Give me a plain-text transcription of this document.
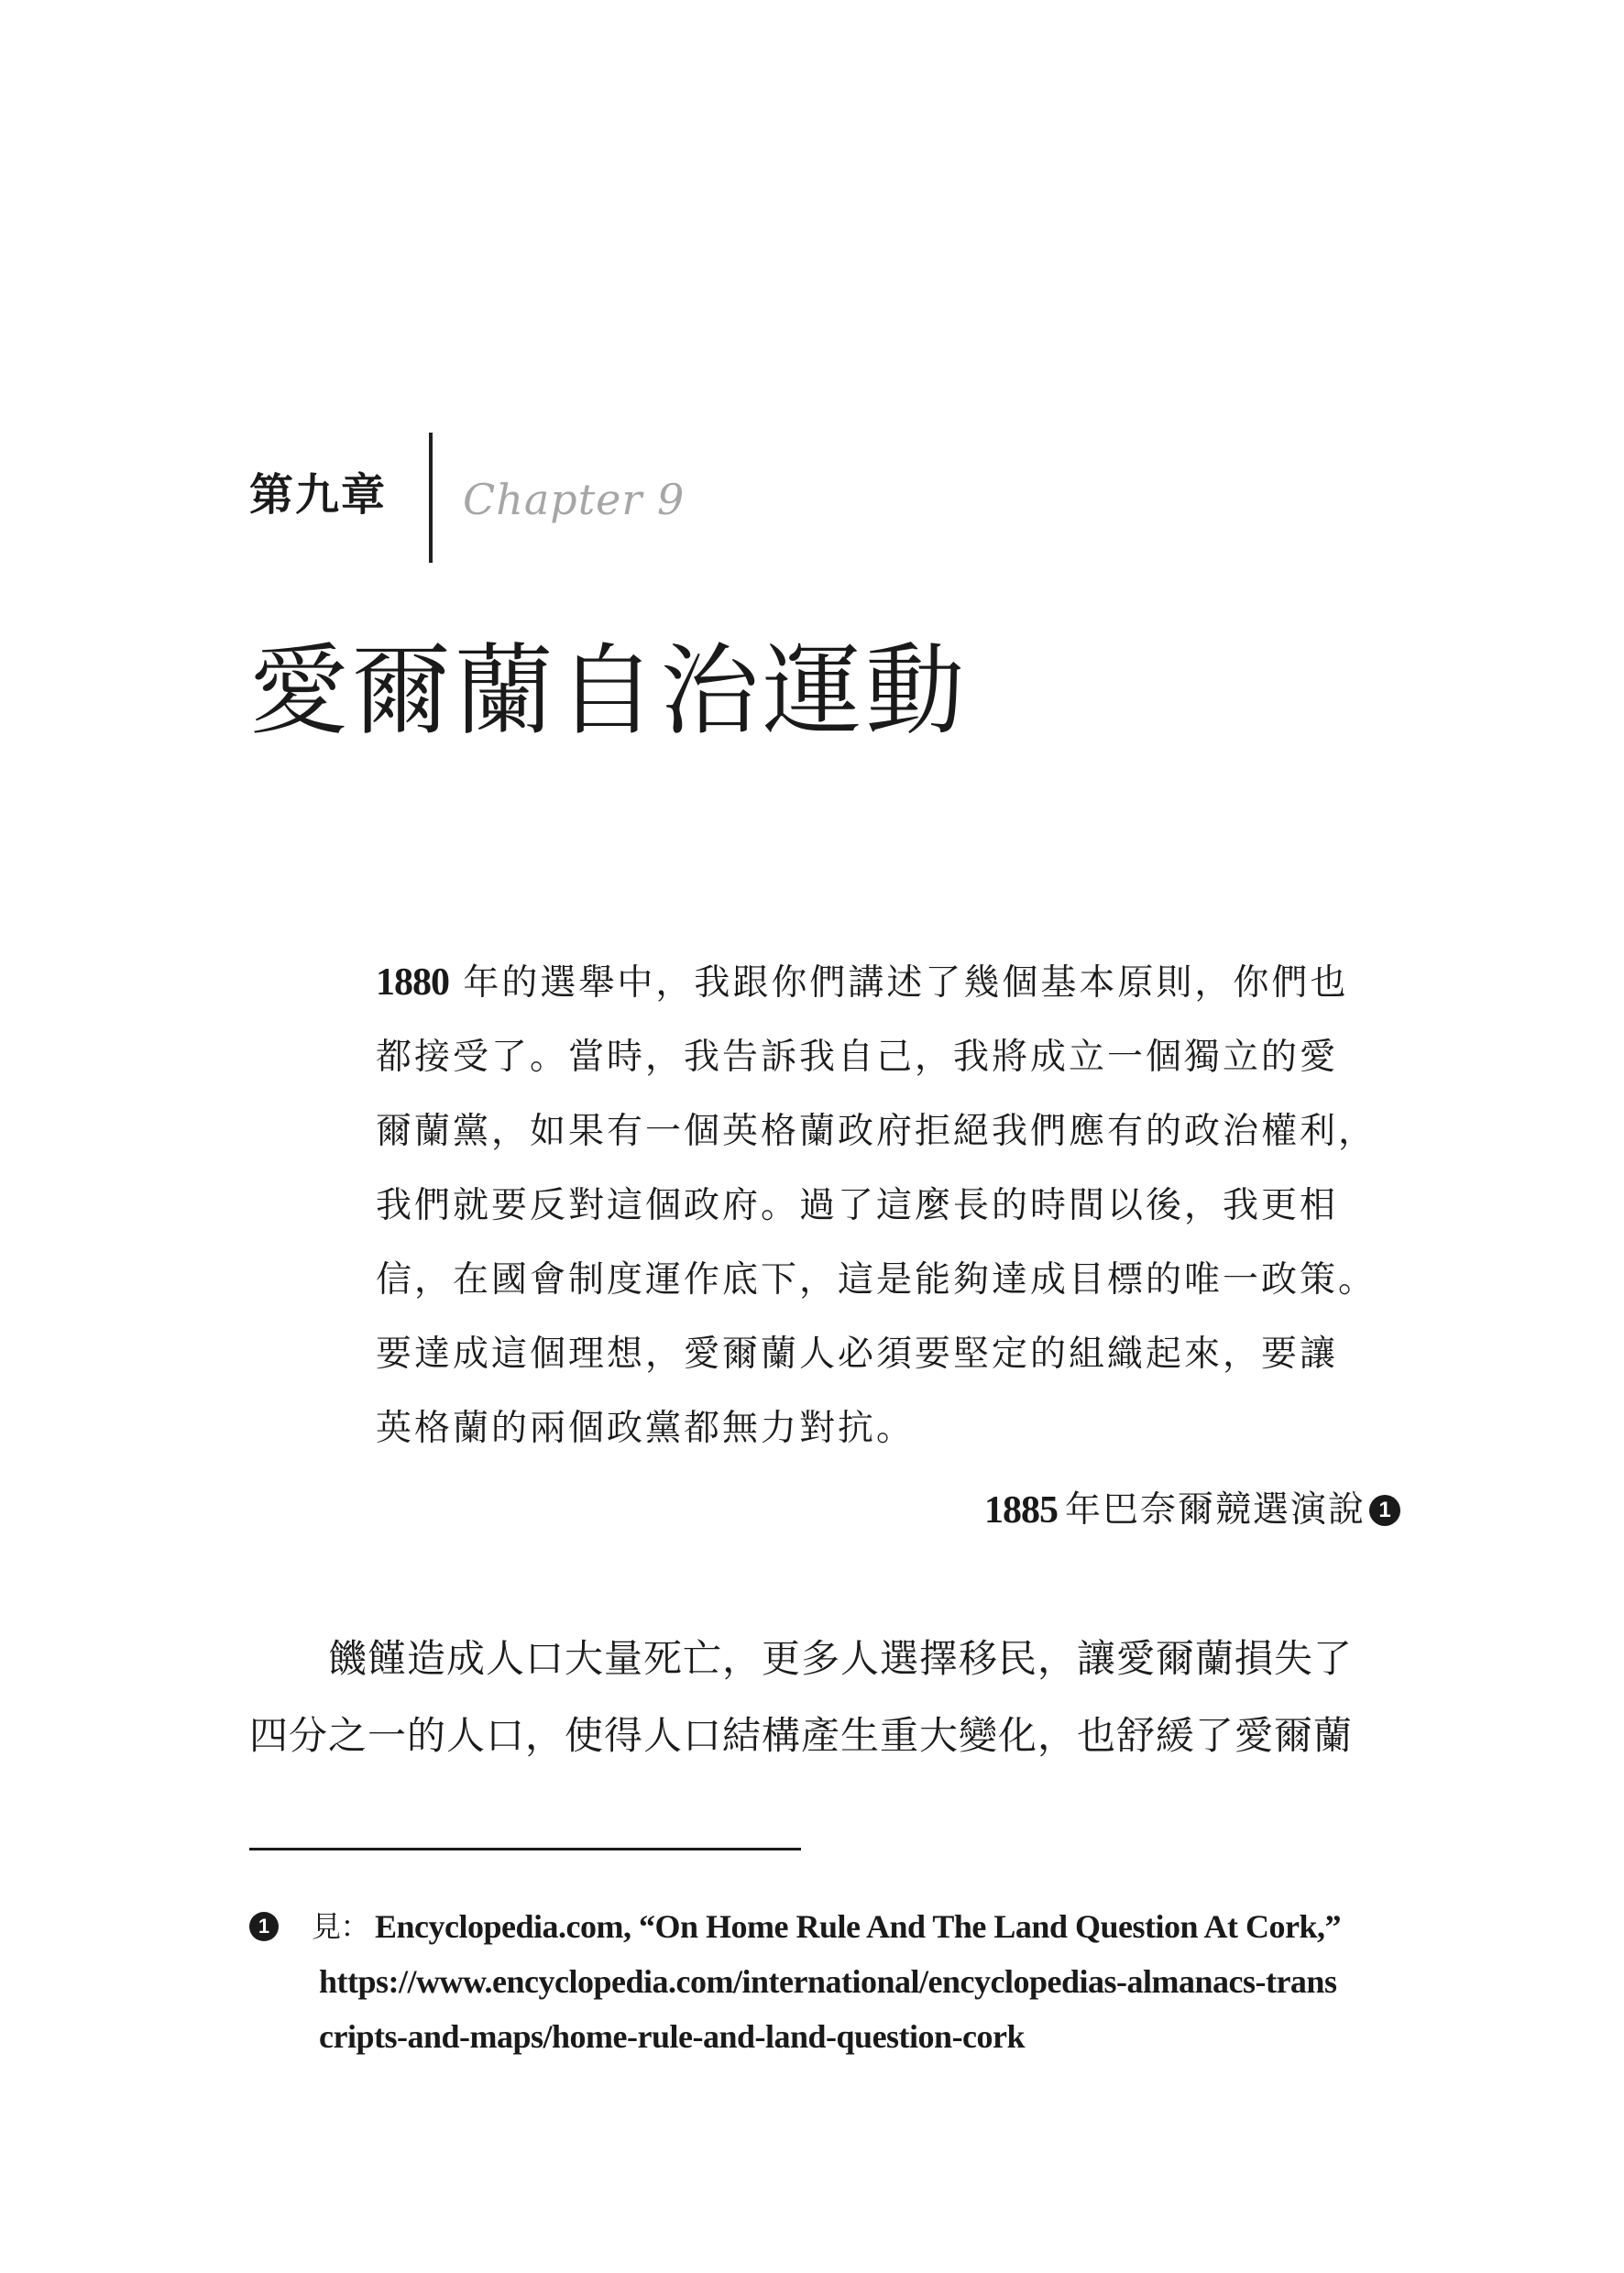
第九章 Chapter 9
愛爾蘭自治運動
1880 年的選舉中，我跟你們講述了幾個基本原則，你們也
都接受了。當時，我告訴我自己，我將成立一個獨立的愛
爾蘭黨，如果有一個英格蘭政府拒絕我們應有的政治權利，
我們就要反對這個政府。過了這麼長的時間以後，我更相
信，在國會制度運作底下，這是能夠達成目標的唯一政策。
要達成這個理想，愛爾蘭人必須要堅定的組織起來，要讓
英格蘭的兩個政黨都無力對抗。
1885 年巴奈爾競選演說 1
饑饉造成人口大量死亡，更多人選擇移民，讓愛爾蘭損失了
四分之一的人口，使得人口結構產生重大變化，也舒緩了愛爾蘭
1	見： Encyclopedia.com, “On Home Rule And The Land Question At Cork,”
https://www.encyclopedia.com/international/encyclopedias-almanacs-trans
cripts-and-maps/home-rule-and-land-question-cork
